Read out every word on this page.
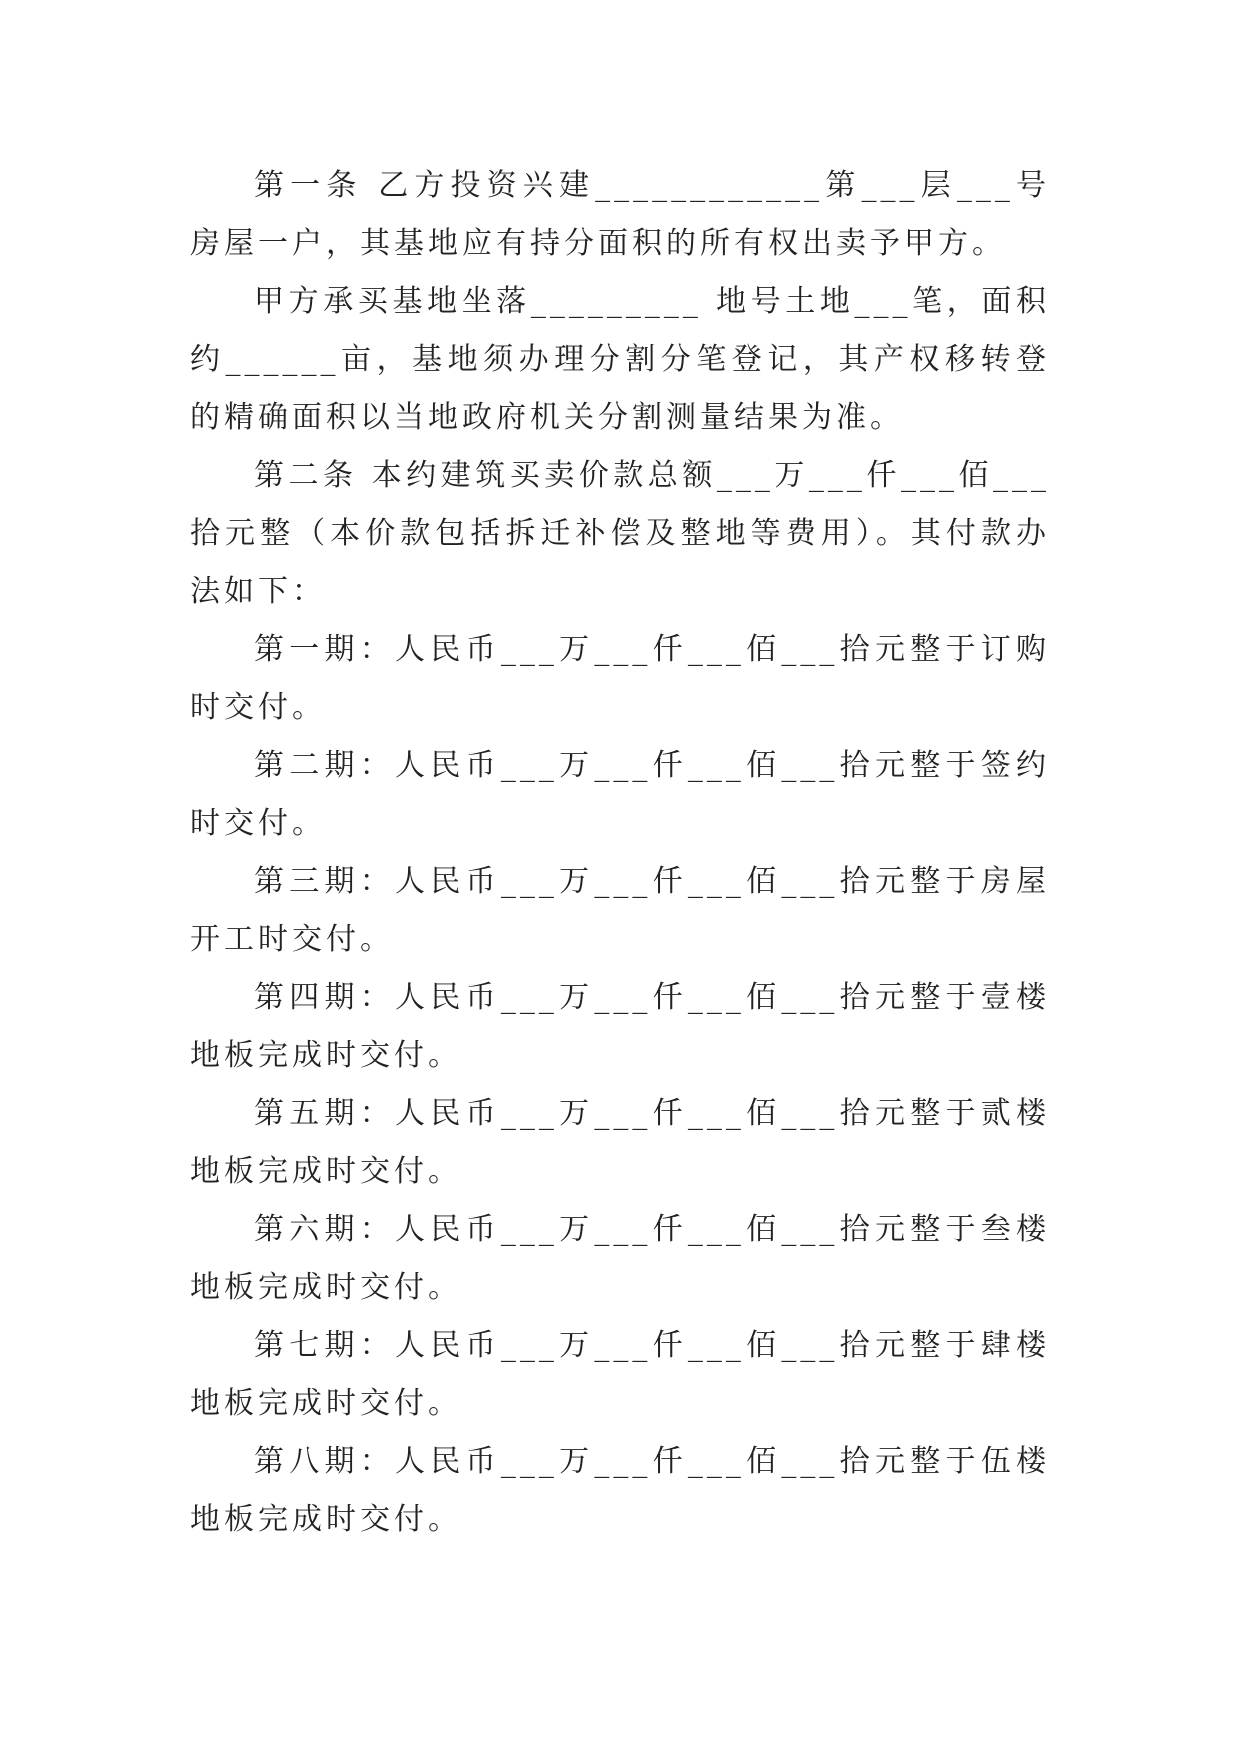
第一条 乙方投资兴建____________第___层___号房屋一户，其基地应有持分面积的所有权出卖予甲方。

甲方承买基地坐落_________ 地号土地___笔，面积约______亩，基地须办理分割分笔登记，其产权移转登的精确面积以当地政府机关分割测量结果为准。

第二条 本约建筑买卖价款总额___万___仟___佰___拾元整（本价款包括拆迁补偿及整地等费用）。其付款办法如下：

第一期：人民币___万___仟___佰___拾元整于订购时交付。

第二期：人民币___万___仟___佰___拾元整于签约时交付。

第三期：人民币___万___仟___佰___拾元整于房屋开工时交付。

第四期：人民币___万___仟___佰___拾元整于壹楼地板完成时交付。

第五期：人民币___万___仟___佰___拾元整于贰楼地板完成时交付。

第六期：人民币___万___仟___佰___拾元整于叁楼地板完成时交付。

第七期：人民币___万___仟___佰___拾元整于肆楼地板完成时交付。

第八期：人民币___万___仟___佰___拾元整于伍楼地板完成时交付。
